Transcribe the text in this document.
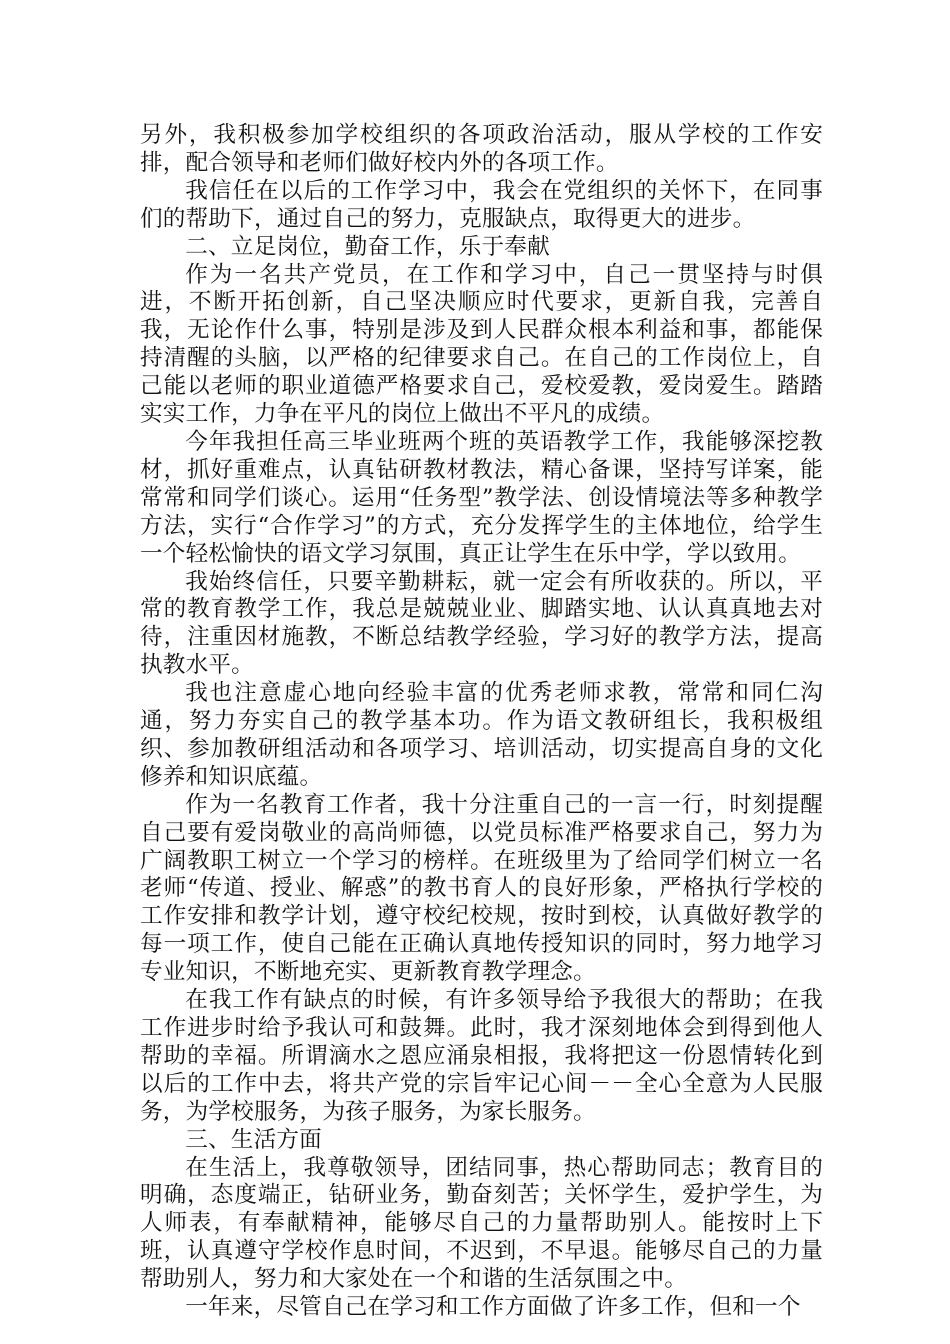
另外，我积极参加学校组织的各项政治活动，服从学校的工作安排，配合领导和老师们做好校内外的各项工作。

我信任在以后的工作学习中，我会在党组织的关怀下，在同事们的帮助下，通过自己的努力，克服缺点，取得更大的进步。

二、立足岗位，勤奋工作，乐于奉献

作为一名共产党员，在工作和学习中，自己一贯坚持与时俱进，不断开拓创新，自己坚决顺应时代要求，更新自我，完善自我，无论作什么事，特别是涉及到人民群众根本利益和事，都能保持清醒的头脑，以严格的纪律要求自己。在自己的工作岗位上，自己能以老师的职业道德严格要求自己，爱校爱教，爱岗爱生。踏踏实实工作，力争在平凡的岗位上做出不平凡的成绩。

今年我担任高三毕业班两个班的英语教学工作，我能够深挖教材，抓好重难点，认真钻研教材教法，精心备课，坚持写详案，能常常和同学们谈心。运用“任务型”教学法、创设情境法等多种教学方法，实行“合作学习”的方式，充分发挥学生的主体地位，给学生一个轻松愉快的语文学习氛围，真正让学生在乐中学，学以致用。

我始终信任，只要辛勤耕耘，就一定会有所收获的。所以，平常的教育教学工作，我总是兢兢业业、脚踏实地、认认真真地去对待，注重因材施教，不断总结教学经验，学习好的教学方法，提高执教水平。

我也注意虚心地向经验丰富的优秀老师求教，常常和同仁沟通，努力夯实自己的教学基本功。作为语文教研组长，我积极组织、参加教研组活动和各项学习、培训活动，切实提高自身的文化修养和知识底蕴。

作为一名教育工作者，我十分注重自己的一言一行，时刻提醒自己要有爱岗敬业的高尚师德，以党员标准严格要求自己，努力为广阔教职工树立一个学习的榜样。在班级里为了给同学们树立一名老师“传道、授业、解惑”的教书育人的良好形象，严格执行学校的工作安排和教学计划，遵守校纪校规，按时到校，认真做好教学的每一项工作，使自己能在正确认真地传授知识的同时，努力地学习专业知识，不断地充实、更新教育教学理念。

在我工作有缺点的时候，有许多领导给予我很大的帮助；在我工作进步时给予我认可和鼓舞。此时，我才深刻地体会到得到他人帮助的幸福。所谓滴水之恩应涌泉相报，我将把这一份恩情转化到以后的工作中去，将共产党的宗旨牢记心间－－全心全意为人民服务，为学校服务，为孩子服务，为家长服务。

三、生活方面

在生活上，我尊敬领导，团结同事，热心帮助同志；教育目的明确，态度端正，钻研业务，勤奋刻苦；关怀学生，爱护学生，为人师表，有奉献精神，能够尽自己的力量帮助别人。能按时上下班，认真遵守学校作息时间，不迟到，不早退。能够尽自己的力量帮助别人，努力和大家处在一个和谐的生活氛围之中。

一年来，尽管自己在学习和工作方面做了许多工作，但和一个
